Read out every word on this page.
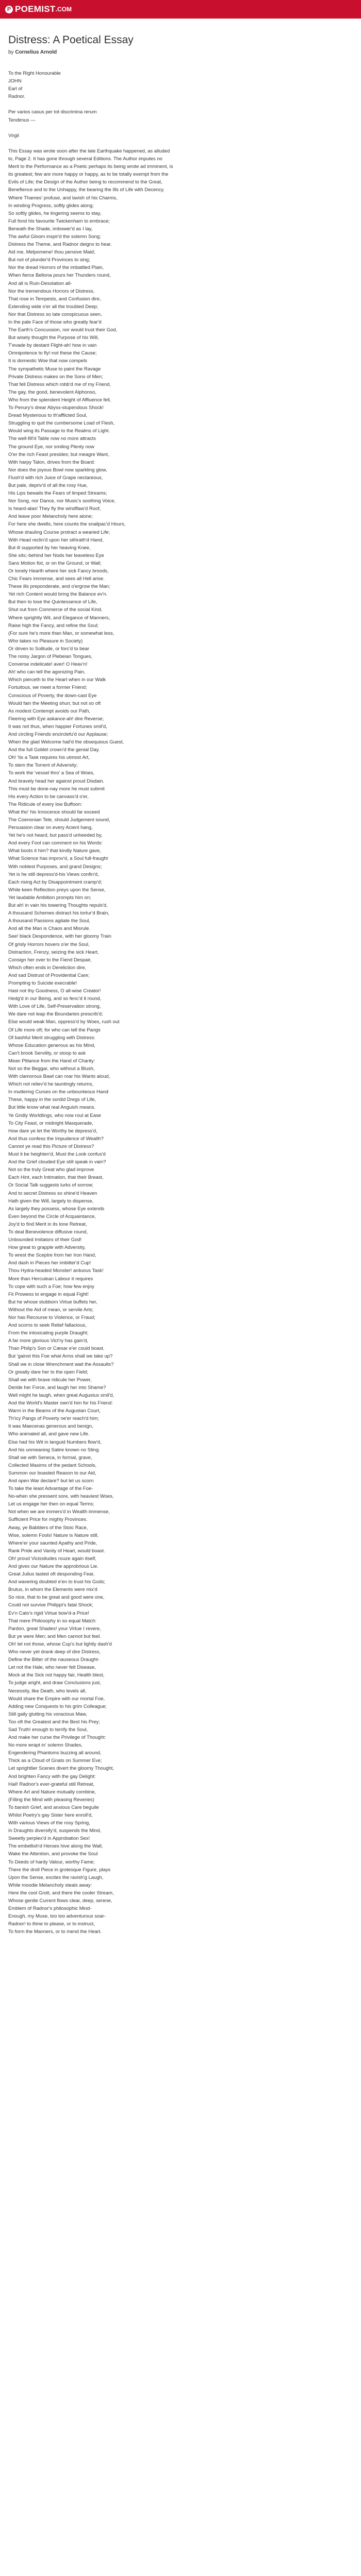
P POEMIST .COM
Distress: A Poetical Essay
by Cornelius Arnold
To the Right Honourable
JOHN
Earl of
Radnor.
Per varios casus per tot discrimina rerum
Tendimus —
Virgil
This Essay was wrote soon after the late Earthquake happened, as alluded
to, Page 2. It has gone through several Editions. The Author imputes no
Merit to the Performance as a Poetic perhaps its being wrote ad imminent, is
its greatest; few are more happy or happy, as to be totally exempt from the
Evils of Life; the Design of the Author being to recommend to the Great,
Benefience and to the Unhappy, the bearing the Ills of Life with Decency.
Where Thames' profuse, and lavish of his Charms,
In winding Progress, softly glides along;
So softly glides, he lingering seems to stay,
Full fond his favourite Twickenham to embrace;
Beneath the Shade, imbower'd as I lay,
The awful Gloom inspir'd the solemn Song;
Distress the Theme, and Radnor deigns to hear.
Aid me, Melpomene! thou pensive Maid;
But not of plunder'd Provinces to sing;
Nor the dread Horrors of the imbattled Plain,
When fierce Bellona pours her Thunders round,
And all is Ruin-Desolation all-
Nor the tremendous Horrors of Distress,
That rose in Tempests, and Confusion dire,
Extending wide o'er all the troubled Deep;
Nor that Distress so late conspicuous seen,
In the pale Face of those who greatly fear'd
The Earth's Concussion, nor would trust their God,
But wisely thought the Purpose of his Will,
T'evade by destant Flight-ah! how in vain
Omnipotence to fly!-not these the Cause;
It is domestic Woe that now compels
The sympathetic Muse to paint the Ravage
Private Distress makes on the Sons of Men;
That fell Distress which robb'd me of my Friend,
The gay, the good, benevolent Alphonso,
Who from the splendent Height of Affluence fell,
To Penury's drear Abyss-stupendous Shock!
Dread Mysterious to th'afflicted Soul,
Struggling to quit the cumbersome Load of Flesh,
Would wing its Passage to the Realms of Light.
The well-fill'd Table now no more attracts
The ground Eye, nor smiling Plenty now
O'er the rich Feast presides; but meagre Want,
With harpy Talon, drives from the Board:
Nor does the joyous Bowl now sparkling glow,
Flush'd with rich Juice of Grape nectareous,
But pale, depriv'd of all the rosy Hue,
His Lips bewails the Fears of limped Streams;
Nor Song, nor Dance, nor Music's soothing Voice,
Is heard-alas! They fly the windflaw'd Roof,
And leave poor Melancholy here alone;
For here she dwells, here counts the snailpac'd Hours,
Whose drauling Course protract a wearied Life;
With Head reclin'd upon her sithrath'd Hand,
But ill supported by her heaving Knee,
She sits;-behind her Nods her leaveless Eye
Sans Motion fixt, or on the Ground, or Wall;
Or lonely Hearth where her sick Fancy broods,
Chic Fears immense, and sees all Hell arise.
These ills preponderate, and o'ergrow the Man;
Yet rich Content would bring the Balance ev'n.
But then to lose the Quintessence of Life,
Shut out from Commerce of the social Kind,
Where sprightly Wit, and Elegance of Manners,
Raise high the Fancy, and refine the Soul;
(For sure he's more than Man, or somewhat less,
Who takes no Pleasure in Society)
Or driven to Solitude, or forc'd to bear
The noisy Jargon of Plebeian Tongues,
Converse indelicate! aver! O Heav'n!
Ah! who can tell the agonizing Pain,
Which pierceth to the Heart when in our Walk
Fortuitous, we meet a former Friend;
Conscious of Poverty, the down-cast Eye
Would fain the Meeting shun; but not so oft
As modest Contempt avoids our Path,
Fleering with Eye askance-ah! dire Reverse;
It was not thus, when happier Fortunes smil'd,
And circling Friends encirclefu'd our Applause;
When the glad Welcome hail'd the obsequious Guest,
And the full Goblet crown'd the genial Day.
Oh! 'tis a Task requires his utmost Art,
To stem the Torrent of Adversity;
To work the 'vessel thro' a Sea of Woes,
And bravely head her against proud Disdain.
This must be done-nay more he must submit
His every Action to be canvass'd o'er,
The Ridicule of every low Buffoon:
What tho' his Innocence should far exceed
The Coenonian Tele, should Judgement sound,
Persuasion clear on every Acient hang,
Yet he's not heard, but pass'd unheeded by,
And every Fool can comment on his Words:
What boots it him? that kindly Nature gave,
What Science has improv'd, a Soul full-fraught
With noblest Purposes, and grand Designs;
Yet is he still depress'd-his Views confin'd,
Each rising Act by Disappointment cramp'd;
While keen Reflection preys upon the Sense,
Yet laudable Ambition prompts him on;
But ah! in vain his towering Thoughts repuls'd,
A thousand Schemes distract his tortur'd Brain,
A thousand Passions agitate the Soul,
And all the Man is Chaos and Misrule.
See! black Despondence, with her gloomy Train
Of grisly Horrors hovers o'er the Soul,
Distraction, Frenzy, seizing the sick Heart,
Consign her over to the Fiend Despair,
Which often ends in Dereliction dire,
And sad Distrust of Providential Care;
Prompting to Suicide execrable!
Hast not thy Goodness, O all-wise Creator!
Hedg'd in our Being, and so fenc'd it round,
With Love of Life, Self-Preservation strong,
We dare not leap the Boundaries prescrib'd;
Else would weak Man, oppress'd by Woes, rush out
Of Life more oft; for who can tell the Pangs
Of bashful Merit struggling with Distress:
Whose Education generous as his Mind,
Can't brook Servility, or stoop to ask
Mean Pittance from the Hand of Charity:
Not so the Beggar, who without a Blush,
With clamorous Bawl can roar his Wants aloud,
Which not reliev'd he tauntingly returns,
In muttering Curses on the unbounteous Hand:
These, happy in the sordid Dregs of Life,
But little know what real Anguish means.
Ye Gridly Worldlings, who now roul at Ease
To City Feast, or midnight Masquerade,
How dare ye let the Worthy be depress'd,
And thus confess the Impudence of Wealth?
Cannot ye read this Picture of Distress?
Must it be heighten'd, Must the Look confus'd
And the Grief clouded Eye still speak in vain?
Not so the truly Great who glad improve
Each Hint, each Intimation, that their Breast,
Or Social Talk suggests lurks of sorrow;
And to secret Distress so shine'd Heaven
Hath given the Will, largely to dispense,
As largely they possess, whose Eye extends
Even beyond the Circle of Acquaintance,
Joy'd to find Merit in its lone Retreat,
To deal Benevolence diffusive round,
Unbounded Imitators of their God!
How great to grapple with Adversity,
To wrest the Sceptre from her Iron Hand,
And dash in Pieces her imbitter'd Cup!
Thou Hydra-headed Monster! arduous Task!
More than Herculean Labour it requires
To cope with such a Foe; how few enjoy
Fit Prowess to engage in equal Fight!
But he whose stubborn Virtue buffets her,
Without the Aid of mean, or servile Arts;
Nor has Recourse to Violence, or Fraud;
And scorns to seek Relief fallacious,
From the intoxicating purple Draught;
A far more glorious Vict'ry has gain'd,
Than Philip's Son or Cæsar e'er could boast.
But 'gainst this Foe what Arms shall we take up?
Shall we in close Wrenchment wait the Assaults?
Or greatly dare her to the open Field;
Shall we with brave ridicule her Power,
Deride her Force, and laugh her into Shame?
Well might he laugh, when great Augustus smil'd,
And the World's Master own'd him for his Friend:
Warm in the Beams of the Augustan Court,
Th'icy Pangs of Poverty ne'er reach'd him;
It was Maecenas generous and benign,
Who animated all, and gave new Life.
Else had his Wit in languid Numbers flow'd,
And his unmeaning Satire known no Sting.
Shall we with Seneca, in formal, grave,
Collected Maxims of the pedant Schools,
Summon our boasted Reason to our Aid,
And open War declare? but let us scorn
To take the least Advantage of the Foe-
No-when she pressent sore, with heaviest Woes,
Let us engage her then on equal Terms;
Not when we are immers'd in Wealth immense,
Sufficient Price for mighty Provinces.
Away, ye Babblers of the Stoic Race,
Wise, solemn Fools! Nature is Nature still,
Where'er your saunted Apathy and Pride,
Rank Pride and Vanity of Heart, would boast.
Oh! proud Vicissitudes rouze again itself,
And gives our Nature the approbrious Lie.
Great Julius tasted oft desponding Fear,
And wavering doubted e'en to trust his Gods;
Brutus, in whom the Elements were mix'd
So nice, that to be great and good were one,
Could not survive Philippi's fatal Shock;
Ev'n Cato's rigid Virtue bow'd-a Price!
That mere Philosophy in so equal Match:
Pardon, great Shades! your Virtue I revere,
But ye were Men; and Men cannot but feel.
Oh! let not those, whose Cup's but lightly dash'd
Who never yet drank deep of dire Distress,
Define the Bitter of the nauseous Draught-
Let not the Hale, who never felt Disease,
Mock at the Sick not happy fair, Health blest,
To judge aright, and draw Conclusions just,
Necessity, like Death, who levels all,
Would share the Empire with our mortal Foe,
Adding new Conquests to his grim Colleague;
Still gaily glutting his voracious Maw,
Too oft the Greatest and the Best his Prey;
Sad Truth! enough to terrify the Soul,
And make her curse the Privilege of Thought:
No more wrapt in' solemn Shades,
Engendering Phantoms buzzing all around,
Thick as a Cloud of Gnats on Summer Eve;
Let sprightlier Scenes divert the gloomy Thought,
And brighten Fancy with the gay Delight:
Hail! Radnor's ever-grateful still Retreat,
Where Art and Nature mutually combine,
(Filling the Mind with pleasing Reveries)
To banish Grief, and anxious Care beguile
Whilst Poetry's gay Sister here enroll'd,
With various Views of the rosy Spring,
In Draughts diversify'd, suspends the Mind,
Sweetly perplex'd in Approbation Sex!
The embellish'd Heroes hive along the Wall,
Wake the Attention, and provoke the Soul
To Deeds of hardy Valour, worthy Fame;
There the droll Piece in grotesque Figure, plays
Upon the Sense, excites the ravish'g Laugh,
While moodie Melancholy steals away:
Here the cool Grott, and there the cooler Stream,
Whose gentle Current flows clear, deep, serene,
Emblem of Radnor's philosophic Mind-
Enough, my Muse, too too adventurous soar-
Radnor! to thine to please, or to instruct,
To form the Manners, or to mend the Heart.
